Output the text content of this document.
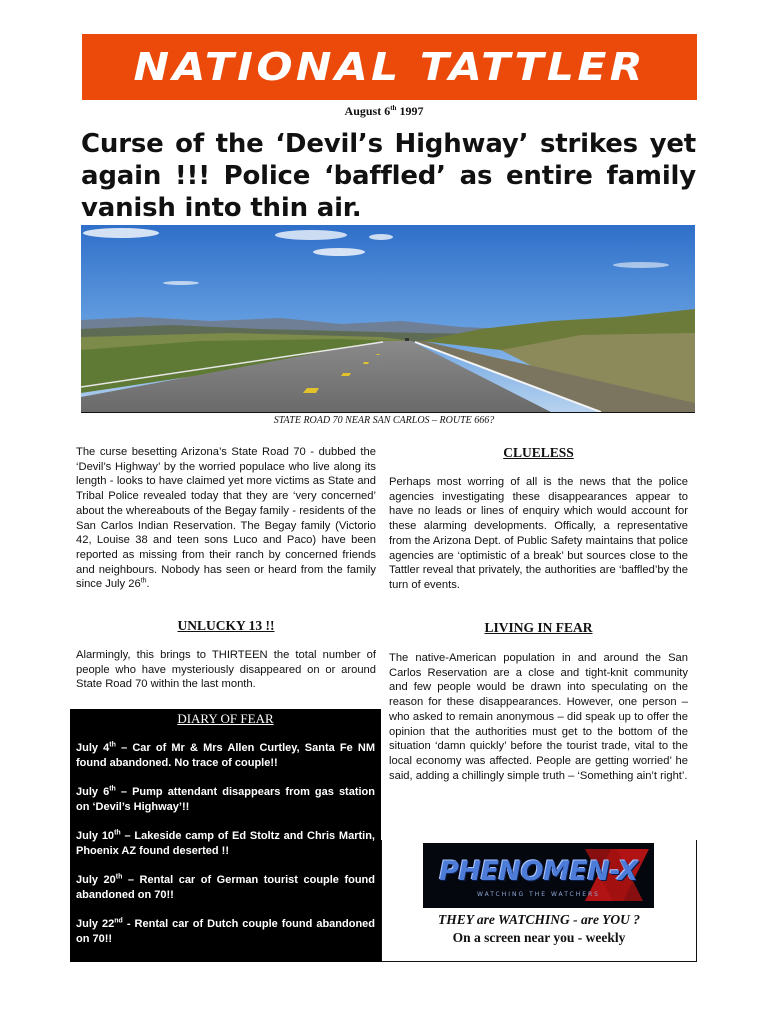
NATIONAL TATTLER
August 6th 1997
Curse of the ‘Devil’s Highway’ strikes yet again !!! Police ‘baffled’ as entire family vanish into thin air.
STATE ROAD 70 NEAR SAN CARLOS – ROUTE 666?
The curse besetting Arizona’s State Road 70 - dubbed the ‘Devil’s Highway’ by the worried populace who live along its length - looks to have claimed yet more victims as State and Tribal Police revealed today that they are ‘very concerned’ about the whereabouts of the Begay family - residents of the San Carlos Indian Reservation. The Begay family (Victorio 42, Louise 38 and teen sons Luco and Paco) have been reported as missing from their ranch by concerned friends and neighbours. Nobody has seen or heard from the family since July 26th.
UNLUCKY 13 !!
Alarmingly, this brings to THIRTEEN the total number of people who have mysteriously disappeared on or around State Road 70 within the last month.
CLUELESS
Perhaps most worring of all is the news that the police agencies investigating these disappearances appear to have no leads or lines of enquiry which would account for these alarming developments. Offically, a representative from the Arizona Dept. of Public Safety maintains that police agencies are ‘optimistic of a break’ but sources close to the Tattler reveal that privately, the authorities are ‘baffled’by the turn of events.
LIVING IN FEAR
The native-American population in and around the San Carlos Reservation are a close and tight-knit community and few people would be drawn into speculating on the reason for these disappearances. However, one person – who asked to remain anonymous – did speak up to offer the opinion that the authorities must get to the bottom of the situation ‘damn quickly’ before the tourist trade, vital to the local economy was affected. People are getting worried’ he said, adding a chillingly simple truth – ‘Something ain’t right’.
DIARY OF FEAR
July 4th – Car of Mr & Mrs Allen Curtley, Santa Fe NM found abandoned. No trace of couple!!
July 6th – Pump attendant disappears from gas station on ‘Devil’s Highway’!!
July 10th – Lakeside camp of Ed Stoltz and Chris Martin, Phoenix AZ found deserted !!
July 20th – Rental car of German tourist couple found abandoned on 70!!
July 22nd - Rental car of Dutch couple found abandoned on 70!!
PHENOMEN-X
WATCHING THE WATCHERS
THEY are WATCHING - are YOU ?
On a screen near you - weekly
